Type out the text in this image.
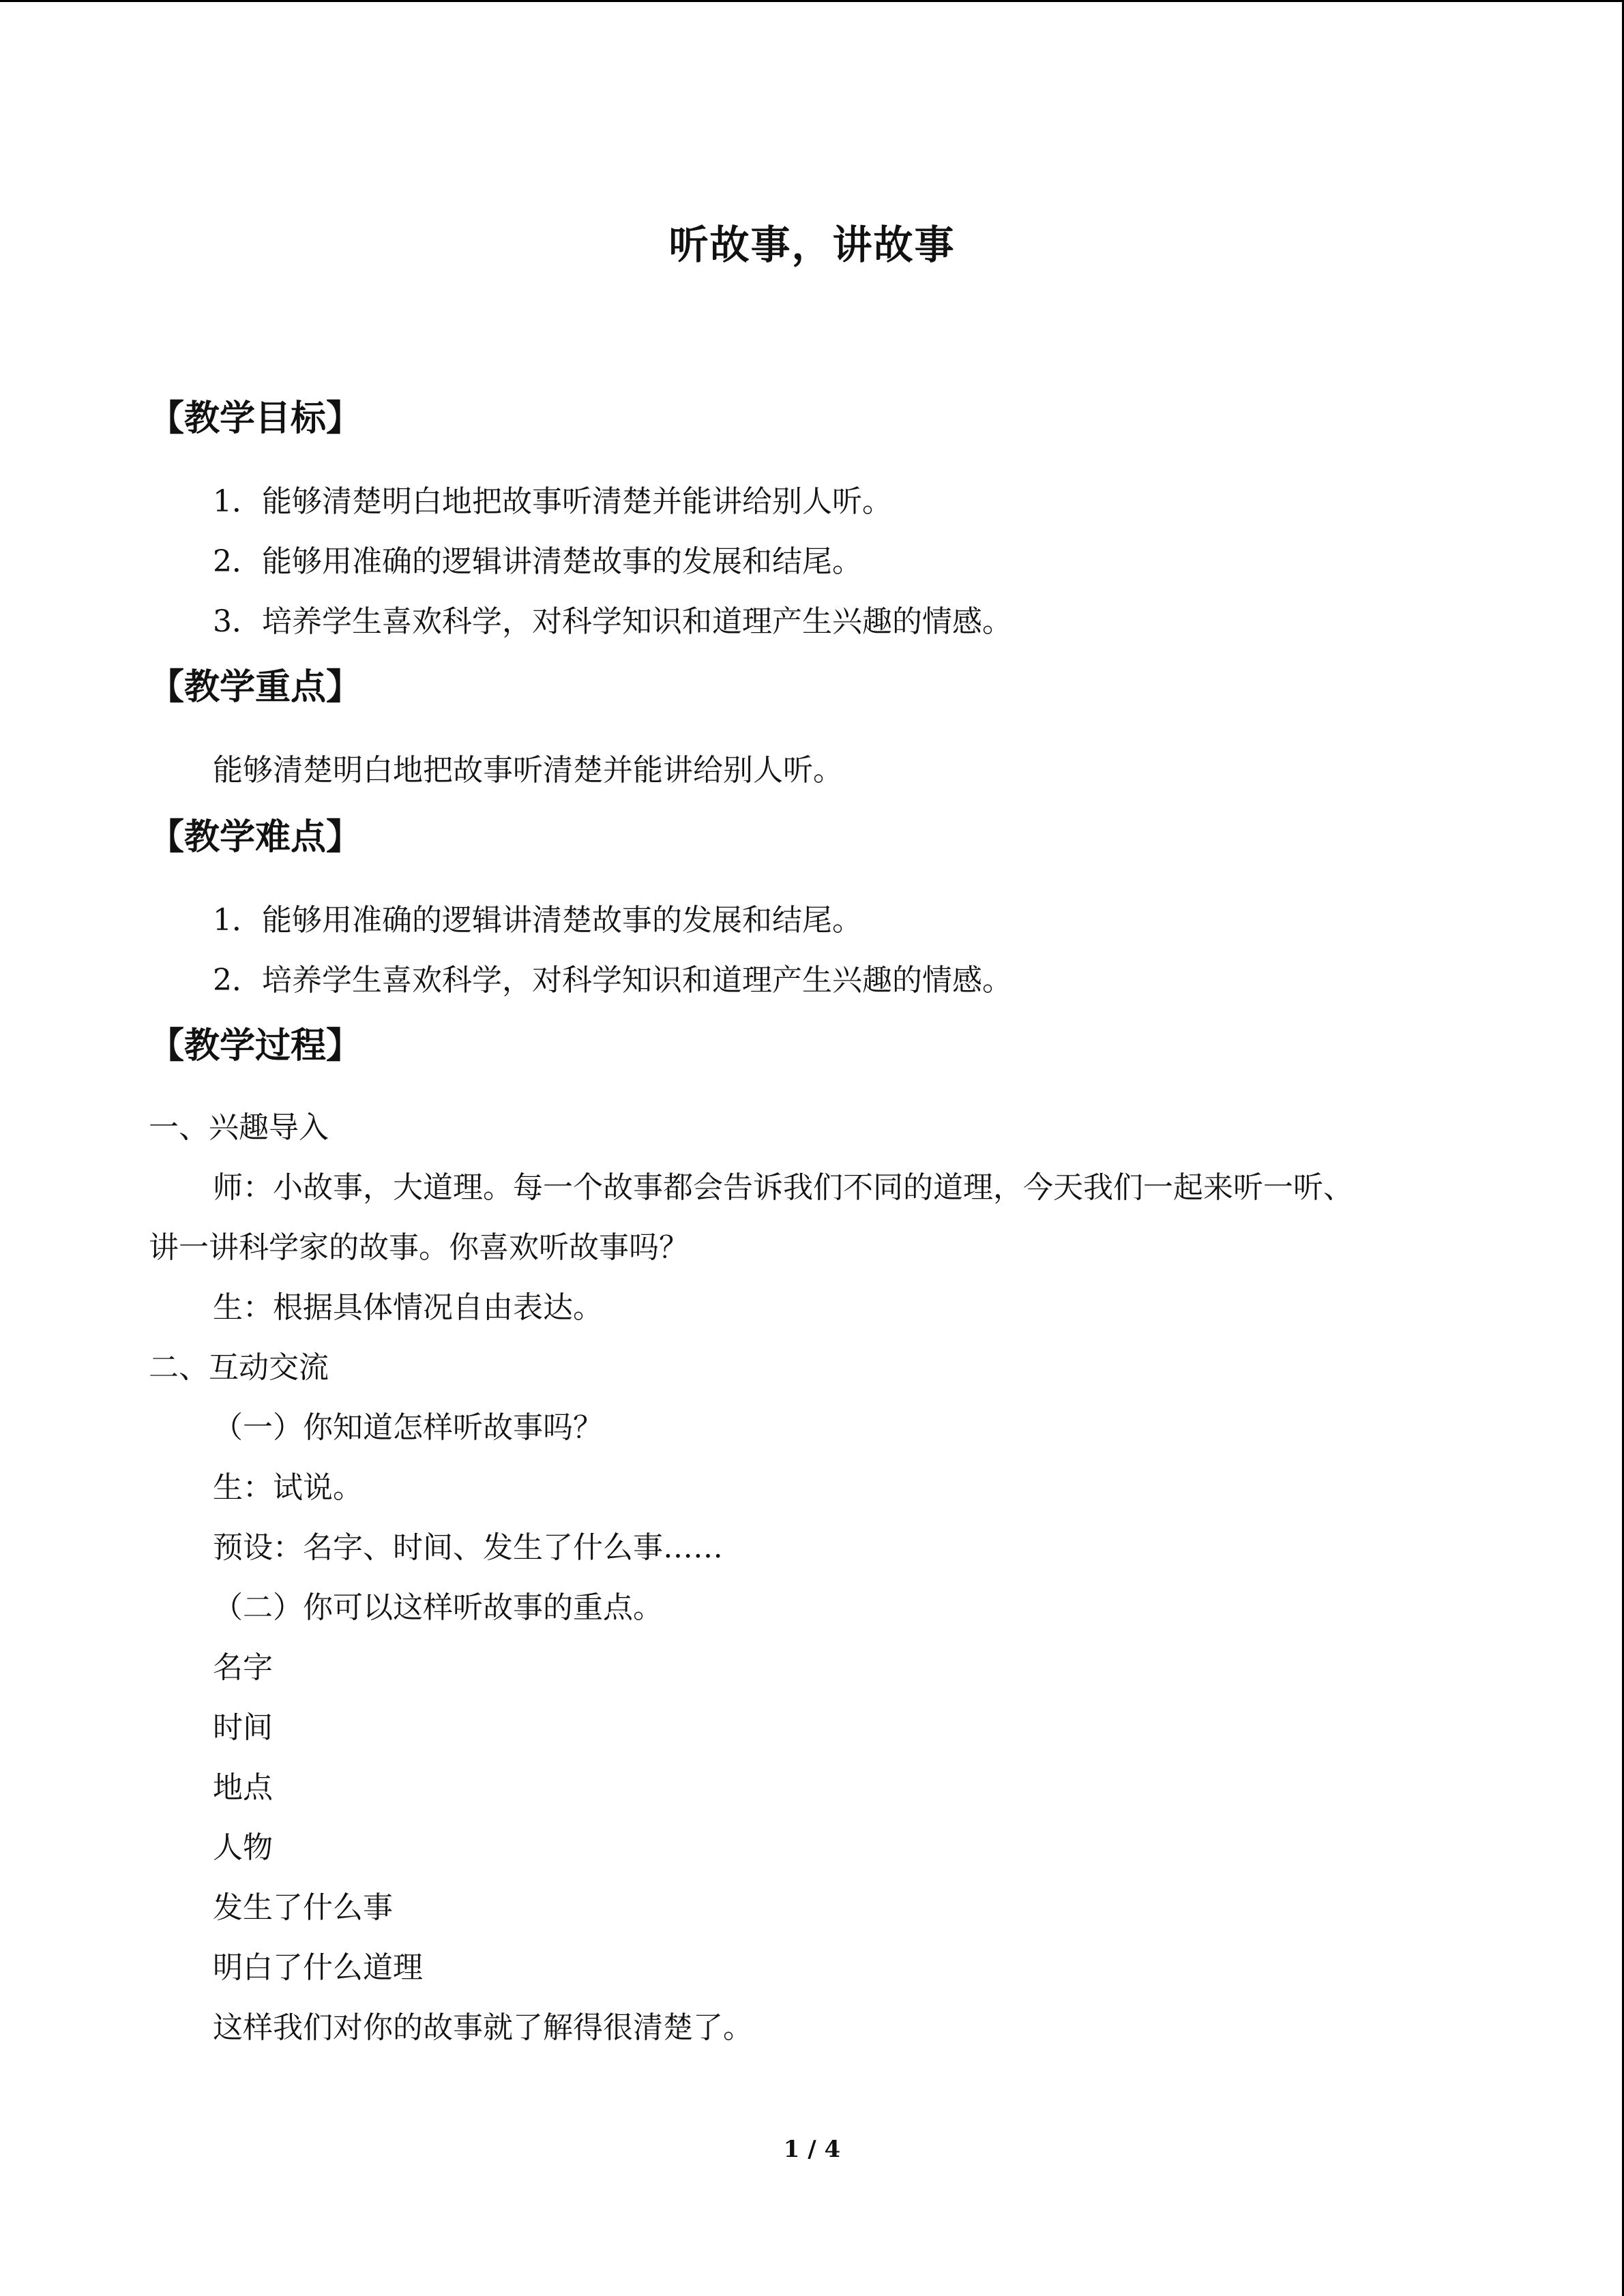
听故事，讲故事
【教学目标】
1．能够清楚明白地把故事听清楚并能讲给别人听。
2．能够用准确的逻辑讲清楚故事的发展和结尾。
3．培养学生喜欢科学，对科学知识和道理产生兴趣的情感。
【教学重点】
能够清楚明白地把故事听清楚并能讲给别人听。
【教学难点】
1．能够用准确的逻辑讲清楚故事的发展和结尾。
2．培养学生喜欢科学，对科学知识和道理产生兴趣的情感。
【教学过程】
一、兴趣导入
师：小故事，大道理。每一个故事都会告诉我们不同的道理，今天我们一起来听一听、
讲一讲科学家的故事。你喜欢听故事吗？
生：根据具体情况自由表达。
二、互动交流
（一）你知道怎样听故事吗？
生：试说。
预设：名字、时间、发生了什么事……
（二）你可以这样听故事的重点。
名字
时间
地点
人物
发生了什么事
明白了什么道理
这样我们对你的故事就了解得很清楚了。
1 / 4
